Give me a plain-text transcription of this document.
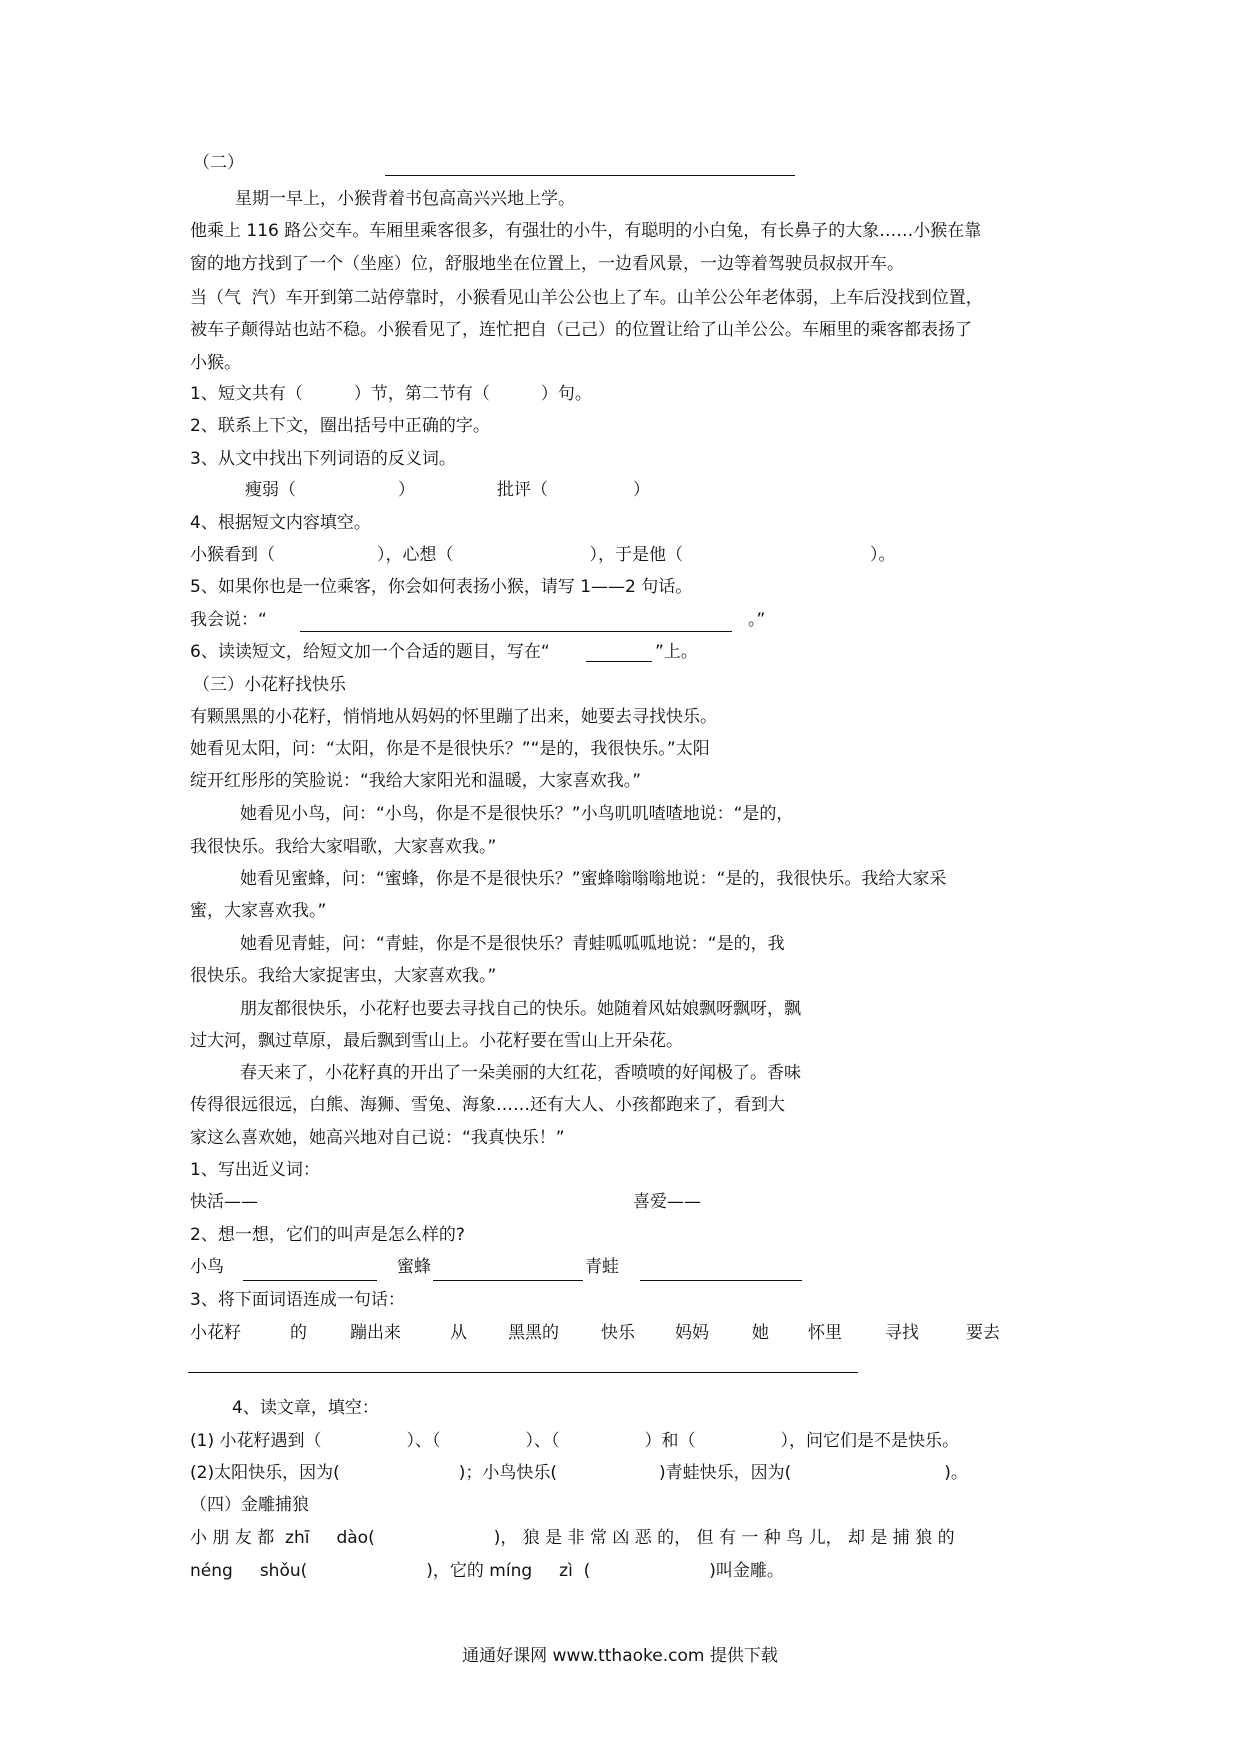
（二）
星期一早上，小猴背着书包高高兴兴地上学。
他乘上 116 路公交车。车厢里乘客很多，有强壮的小牛，有聪明的小白兔，有长鼻子的大象……小猴在靠
窗的地方找到了一个（坐座）位，舒服地坐在位置上，一边看风景，一边等着驾驶员叔叔开车。
当（气  汽）车开到第二站停靠时，小猴看见山羊公公也上了车。山羊公公年老体弱，上车后没找到位置，
被车子颠得站也站不稳。小猴看见了，连忙把自（己己）的位置让给了山羊公公。车厢里的乘客都表扬了
小猴。
1、短文共有（　　　）节，第二节有（　　　）句。
2、联系上下文，圈出括号中正确的字。
3、从文中找出下列词语的反义词。
瘦弱（　　　　　　）	批评（　　　　　）
4、根据短文内容填空。
小猴看到（　　　　　　），心想（　　　　　　　　），于是他（　　　　　　　　　　　）。
5、如果你也是一位乘客，你会如何表扬小猴，请写 1——2 句话。
我会说：“	。”
6、读读短文，给短文加一个合适的题目，写在“	”上。
（三）小花籽找快乐
有颗黑黑的小花籽，悄悄地从妈妈的怀里蹦了出来，她要去寻找快乐。
她看见太阳，问：“太阳，你是不是很快乐？”“是的，我很快乐。”太阳
绽开红彤彤的笑脸说：“我给大家阳光和温暖，大家喜欢我。”
　　她看见小鸟，问：“小鸟，你是不是很快乐？”小鸟叽叽喳喳地说：“是的，
我很快乐。我给大家唱歌，大家喜欢我。”
　　她看见蜜蜂，问：“蜜蜂，你是不是很快乐？”蜜蜂嗡嗡嗡地说：“是的，我很快乐。我给大家采
蜜，大家喜欢我。”
　　她看见青蛙，问：“青蛙，你是不是很快乐？青蛙呱呱呱地说：“是的，我
很快乐。我给大家捉害虫，大家喜欢我。”
　　朋友都很快乐，小花籽也要去寻找自己的快乐。她随着风姑娘飘呀飘呀，飘
过大河，飘过草原，最后飘到雪山上。小花籽要在雪山上开朵花。
　　春天来了，小花籽真的开出了一朵美丽的大红花，香喷喷的好闻极了。香味
传得很远很远，白熊、海狮、雪兔、海象……还有大人、小孩都跑来了，看到大
家这么喜欢她，她高兴地对自己说：“我真快乐！”
1、写出近义词：
快活——	喜爱——
2、想一想，它们的叫声是怎么样的?
小鸟	蜜蜂	青蛙
3、将下面词语连成一句话：
小花籽	的	蹦出来	从 黑黑的 快乐 妈妈	她 怀里	寻找	要去
4、读文章，填空：
(1) 小花籽遇到（　　　　　）、（　　　　　）、（　　　　　）和（　　　　　），问它们是不是快乐。
(2)太阳快乐，因为(　　　　　　　)；小鸟快乐(　　　　　　)青蛙快乐，因为(　　　　　　　　　)。
（四）金雕捕狼
小 朋 友 都  zhī     dào(　　　　　　　)， 狼 是 非 常 凶 恶 的， 但 有 一 种 鸟 儿， 却 是 捕 狼 的
néng     shǒu(　　　　　　　)，它的 míng     zì  (　　　　　　　)叫金雕。
通通好课网 www.tthaoke.com 提供下载
